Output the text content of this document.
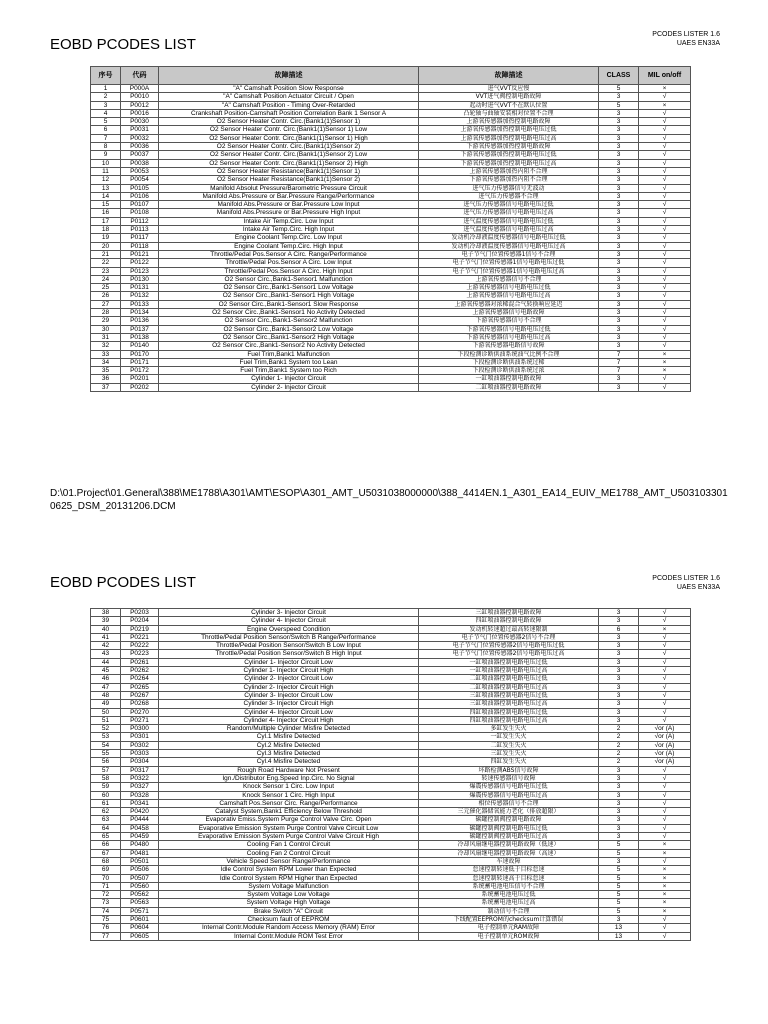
EOBD PCODES LIST
PCODES LISTER 1.6
UAES EN33A
序号	代码	故障描述	故障描述	CLASS	MIL on/off
1	P000A	"A" Camshaft Position Slow Response	进气VVT反应慢	5	×
2	P0010	"A" Camshaft Position Actuator Circuit / Open	VVT进气阀控制电路故障	3	√
3	P0012	"A" Camshaft Position - Timing Over-Retarded	起动时进气VVT不在默认位置	5	×
4	P0016	Crankshaft Position-Camshaft Position Correlation Bank 1 Sensor A	凸轮轴与曲轴安装相对位置不合理	3	√
5	P0030	O2 Sensor Heater Contr. Circ.(Bank1(1)Sensor 1)	上游氧传感器加热控制电路故障	3	√
6	P0031	O2 Sensor Heater Contr. Circ.(Bank1(1)Sensor 1) Low	上游氧传感器加热控制电路电压过低	3	√
7	P0032	O2 Sensor Heater Contr. Circ.(Bank1(1)Sensor 1) High	上游氧传感器加热控制电路电压过高	3	√
8	P0036	O2 Sensor Heater Contr. Circ.(Bank1(1)Sensor 2)	下游氧传感器加热控制电路故障	3	√
9	P0037	O2 Sensor Heater Contr. Circ.(Bank1(1)Sensor 2) Low	下游氧传感器加热控制电路电压过低	3	√
10	P0038	O2 Sensor Heater Contr. Circ.(Bank1(1)Sensor 2) High	下游氧传感器加热控制电路电压过高	3	√
11	P0053	O2 Sensor Heater Resistance(Bank1(1)Sensor 1)	上游氧传感器加热内阻不合理	3	√
12	P0054	O2 Sensor Heater Resistance(Bank1(1)Sensor 2)	下游氧传感器加热内阻不合理	3	√
13	P0105	Manifold Absolut Pressure/Barometric Pressure Circuit	进气压力传感器信号无波动	3	√
14	P0106	Manifold Abs.Pressure or Bar.Pressure Range/Performance	进气压力传感器不合理	3	√
15	P0107	Manifold Abs.Pressure or Bar.Pressure Low Input	进气压力传感器信号电路电压过低	3	√
16	P0108	Manifold Abs.Pressure or Bar.Pressure High Input	进气压力传感器信号电路电压过高	3	√
17	P0112	Intake Air Temp.Circ. Low Input	进气温度传感器信号电路电压过低	3	√
18	P0113	Intake Air Temp.Circ. High Input	进气温度传感器信号电路电压过高	3	√
19	P0117	Engine Coolant Temp.Circ. Low Input	发动机冷却液温度传感器信号电路电压过低	3	√
20	P0118	Engine Coolant Temp.Circ. High Input	发动机冷却液温度传感器信号电路电压过高	3	√
21	P0121	Throttle/Pedal Pos.Sensor A Circ. Range/Performance	电子节气门位置传感器1信号不合理	3	√
22	P0122	Throttle/Pedal Pos.Sensor A Circ. Low Input	电子节气门位置传感器1信号电路电压过低	3	√
23	P0123	Throttle/Pedal Pos.Sensor A Circ. High Input	电子节气门位置传感器1信号电路电压过高	3	√
24	P0130	O2 Sensor Circ.,Bank1-Sensor1 Malfunction	上游氧传感器信号不合理	3	√
25	P0131	O2 Sensor Circ.,Bank1-Sensor1 Low Voltage	上游氧传感器信号电路电压过低	3	√
26	P0132	O2 Sensor Circ.,Bank1-Sensor1 High Voltage	上游氧传感器信号电路电压过高	3	√
27	P0133	O2 Sensor Circ.,Bank1-Sensor1 Slow Response	上游氧传感器对浓稀混合气转换响应延迟	3	√
28	P0134	O2 Sensor Circ.,Bank1-Sensor1 No Activity Detected	上游氧传感器信号电路故障	3	√
29	P0136	O2 Sensor Circ.,Bank1-Sensor2 Malfunction	下游氧传感器信号不合理	3	√
30	P0137	O2 Sensor Circ.,Bank1-Sensor2 Low Voltage	下游氧传感器信号电路电压过低	3	√
31	P0138	O2 Sensor Circ.,Bank1-Sensor2 High Voltage	下游氧传感器信号电路电压过高	3	√
32	P0140	O2 Sensor Circ.,Bank1-Sensor2 No Activity Detected	下游氧传感器电路信号故障	3	√
33	P0170	Fuel Trim,Bank1 Malfunction	下段检测诊断供油系统油气比例不合理	7	×
34	P0171	Fuel Trim,Bank1 System too Lean	下段检测诊断供油系统过稀	7	×
35	P0172	Fuel Trim,Bank1 System too Rich	下段检测诊断供油系统过浓	7	×
36	P0201	Cylinder 1- Injector Circuit	一缸喷油器控制电路故障	3	√
37	P0202	Cylinder 2- Injector Circuit	二缸喷油器控制电路故障	3	√
D:\01.Project\01.General\388\ME1788\A301\AMT\ESOP\A301_AMT_U5031038000000\388_4414EN.1_A301_EA14_EUIV_ME1788_AMT_U5031033010625_DSM_20131206.DCM
EOBD PCODES LIST	PCODES LISTER 1.6
UAES EN33A
38	P0203	Cylinder 3- Injector Circuit	三缸喷油器控制电路故障	3	√
39	P0204	Cylinder 4- Injector Circuit	四缸喷油器控制电路故障	3	√
40	P0219	Engine Overspeed Condition	发动机转速超过最高转速限制	6	×
41	P0221	Throttle/Pedal Position Sensor/Switch B Range/Performance	电子节气门位置传感器2信号不合理	3	√
42	P0222	Throttle/Pedal Position Sensor/Switch B Low Input	电子节气门位置传感器2信号电路电压过低	3	√
43	P0223	Throttle/Pedal Position Sensor/Switch B High Input	电子节气门位置传感器2信号电路电压过高	3	√
44	P0261	Cylinder 1- Injector Circuit Low	一缸喷油器控制电路电压过低	3	√
45	P0262	Cylinder 1- Injector Circuit High	一缸喷油器控制电路电压过高	3	√
46	P0264	Cylinder 2- Injector Circuit Low	二缸喷油器控制电路电压过低	3	√
47	P0265	Cylinder 2- Injector Circuit High	二缸喷油器控制电路电压过高	3	√
48	P0267	Cylinder 3- Injector Circuit Low	三缸喷油器控制电路电压过低	3	√
49	P0268	Cylinder 3- Injector Circuit High	三缸喷油器控制电路电压过高	3	√
50	P0270	Cylinder 4- Injector Circuit Low	四缸喷油器控制电路电压过低	3	√
51	P0271	Cylinder 4- Injector Circuit High	四缸喷油器控制电路电压过高	3	√
52	P0300	Random/Multiple Cylinder Misfire Detected	多缸发生失火	2	√or (A)
53	P0301	Cyl.1 Misfire Detected	一缸发生失火	2	√or (A)
54	P0302	Cyl.2 Misfire Detected	二缸发生失火	2	√or (A)
55	P0303	Cyl.3 Misfire Detected	三缸发生失火	2	√or (A)
56	P0304	Cyl.4 Misfire Detected	四缸发生失火	2	√or (A)
57	P0317	Rough Road Hardware Not Present	坏路检测ABS信号故障	3	√
58	P0322	Ign./Distributor Eng.Speed Inp.Circ. No Signal	转速传感器信号故障	3	√
59	P0327	Knock Sensor 1 Circ. Low Input	爆震传感器信号电路电压过低	3	√
60	P0328	Knock Sensor 1 Circ. High Input	爆震传感器信号电路电压过高	3	√
61	P0341	Camshaft Pos.Sensor Circ. Range/Performance	相位传感器信号不合理	3	√
62	P0420	Catalyst System,Bank1 Efficiency Below Threshold	三元催化器储氧能力老化（排放超限）	3	√
63	P0444	Evaporativ Emiss.System Purge Control Valve Circ. Open	碳罐控制阀控制电路故障	3	√
64	P0458	Evaporative Emission System Purge Control Valve Circuit Low	碳罐控制阀控制电路电压过低	3	√
65	P0459	Evaporative Emission System Purge Control Valve Circuit High	碳罐控制阀控制电路电压过高	3	√
66	P0480	Cooling Fan 1 Control Circuit	冷却风扇继电器控制电路故障（低速）	5	×
67	P0481	Cooling Fan 2 Control Circuit	冷却风扇继电器控制电路故障（高速）	5	×
68	P0501	Vehicle Speed Sensor Range/Performance	车速故障	3	√
69	P0506	Idle Control System RPM Lower than Expected	怠速控制转速低于目标怠速	5	×
70	P0507	Idle Control System RPM Higher than Expected	怠速控制转速高于目标怠速	5	×
71	P0560	System Voltage Malfunction	系统蓄电池电压信号不合理	5	×
72	P0562	System Voltage Low Voltage	系统蓄电池电压过低	5	×
73	P0563	System Voltage High Voltage	系统蓄电池电压过高	5	×
74	P0571	Brake Switch "A" Circuit	制动信号不合理	5	×
75	P0601	Checksum fault of EEPROM	下线配置EEPROM的checksum计算错误	3	√
76	P0604	Internal Contr.Module Random Access Memory (RAM) Error	电子控制单元RAM故障	13	√
77	P0605	Internal Contr.Module ROM Test Error	电子控制单元ROM故障	13	√
